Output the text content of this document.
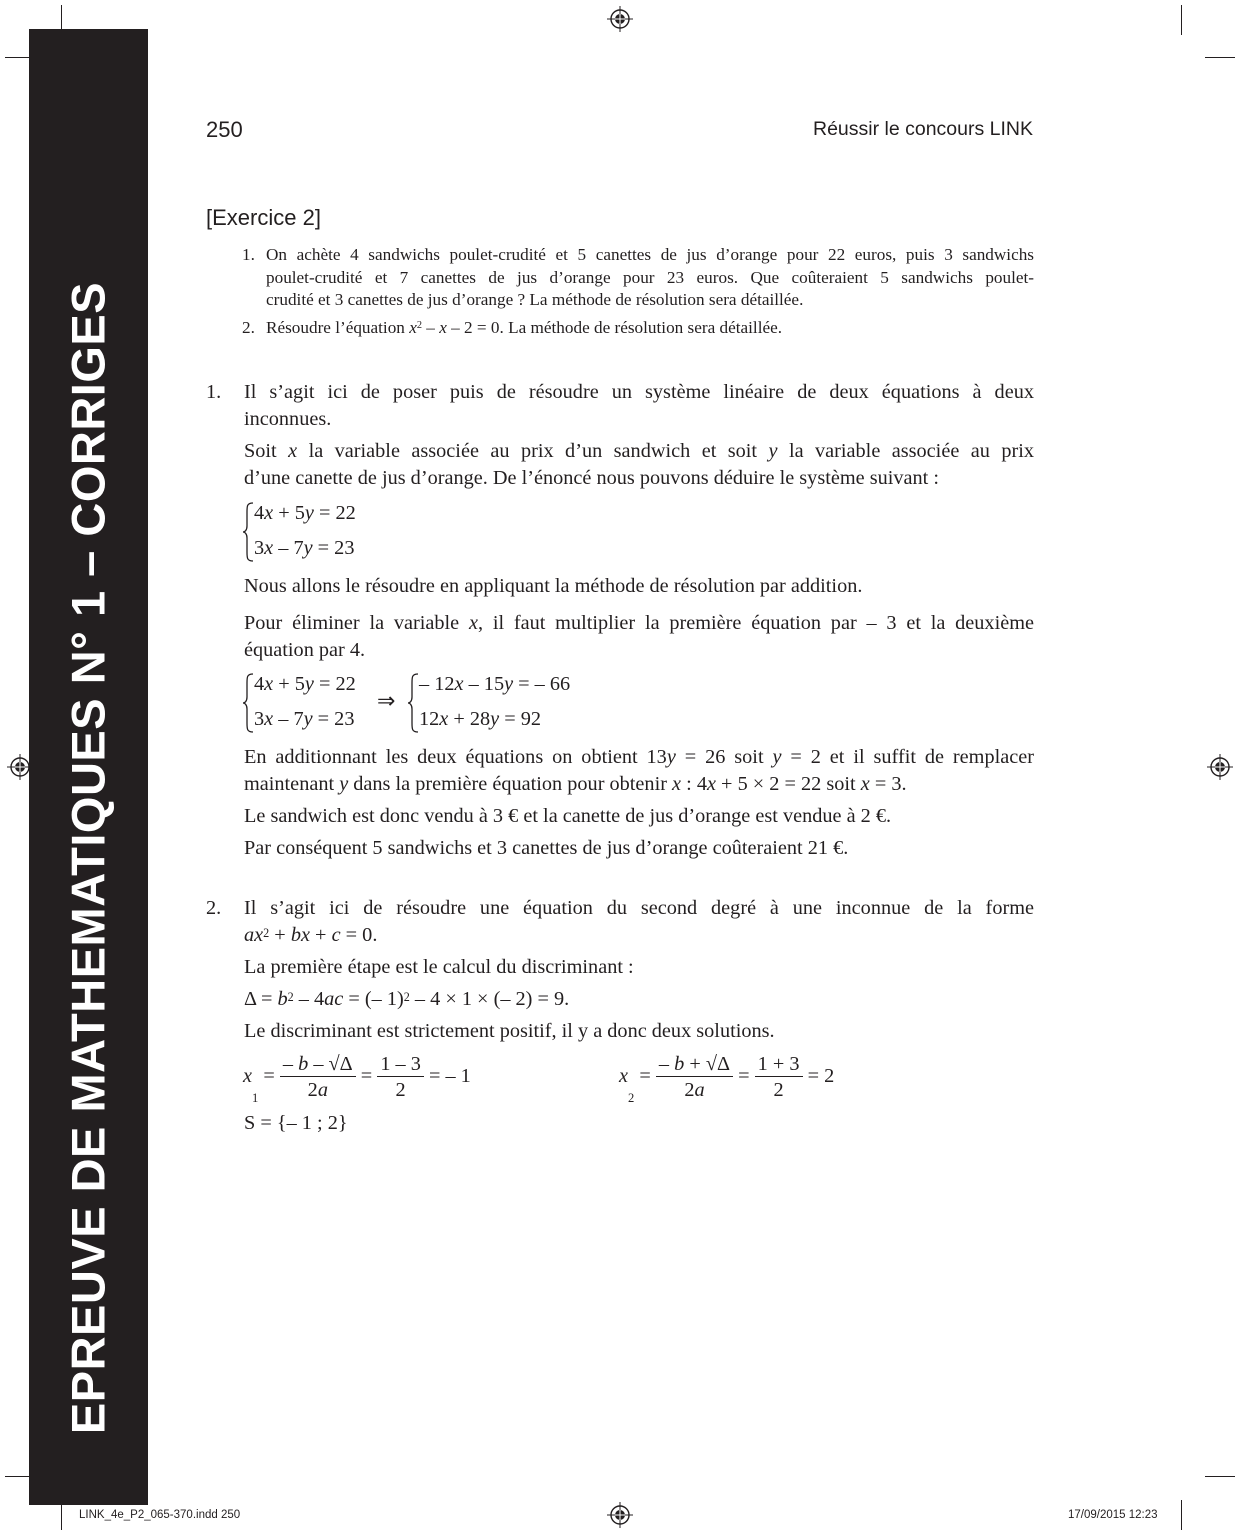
EPREUVE DE MATHEMATIQUES N° 1 – CORRIGES
250	Réussir le concours LINK
[Exercice 2]
1. On achète 4 sandwichs poulet-crudité et 5 canettes de jus d’orange pour 22 euros, puis 3 sandwichs
poulet-crudité et 7 canettes de jus d’orange pour 23 euros. Que coûteraient 5 sandwichs poulet-
crudité et 3 canettes de jus d’orange ? La méthode de résolution sera détaillée.
2. Résoudre l’équation $x^2 - x - 2 = 0$. La méthode de résolution sera détaillée.
1. Il s’agit ici de poser puis de résoudre un système linéaire de deux équations à deux
inconnues.
Soit x la variable associée au prix d’un sandwich et soit y la variable associée au prix
d’une canette de jus d’orange. De l’énoncé nous pouvons déduire le système suivant :
4x + 5y = 22
3x – 7y = 23
Nous allons le résoudre en appliquant la méthode de résolution par addition.
Pour éliminer la variable x, il faut multiplier la première équation par – 3 et la deuxième
équation par 4.
4x + 5y = 22
3x – 7y = 23
⇒
– 12x – 15y = – 66
12x + 28y = 92
En additionnant les deux équations on obtient 13y = 26 soit y = 2 et il suffit de remplacer
maintenant y dans la première équation pour obtenir x : 4x + 5 × 2 = 22 soit x = 3.
Le sandwich est donc vendu à 3 € et la canette de jus d’orange est vendue à 2 €.
Par conséquent 5 sandwichs et 3 canettes de jus d’orange coûteraient 21 €.
2. Il s’agit ici de résoudre une équation du second degré à une inconnue de la forme
$ax^2$ + bx + c = 0.
La première étape est le calcul du discriminant :
$\Delta = b^2 - 4ac$ = (– 1)$^2$ – 4 × 1 × (– 2) = 9.
Le discriminant est strictement positif, il y a donc deux solutions.
$x_1 = \frac{- b - √\Delta}{2a} = \frac{1 - 3}{2}$ = – 1	$x_2 = \frac{- b + √\Delta}{2a} = \frac{1 + 3}{2} = 2$
S = {– 1 ; 2}
LINK_4e_P2_065-370.indd 250	17/09/2015 12:23
